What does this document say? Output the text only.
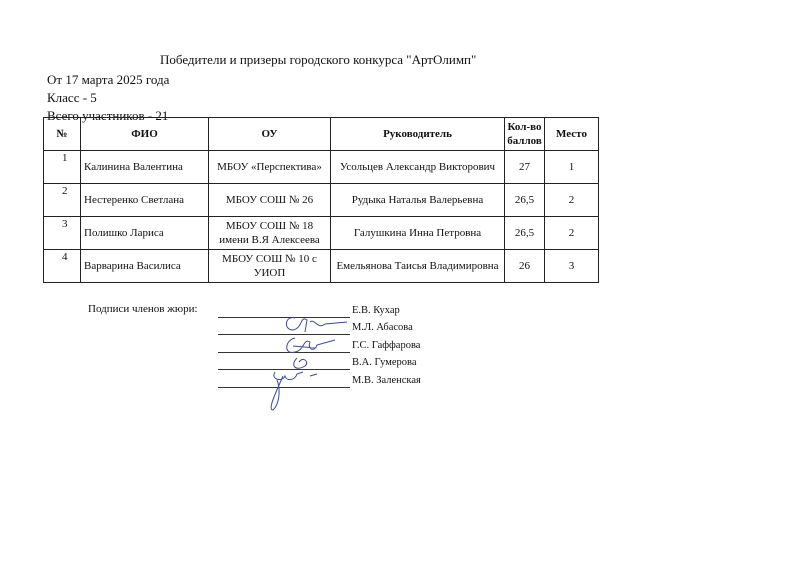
Победители и призеры городского конкурса "АртОлимп"
От 17 марта 2025 года
Класс - 5
Всего участников - 21
№	ФИО	ОУ	Руководитель	Кол-во баллов	Место
1	Калинина Валентина	МБОУ «Перспектива»	Усольцев Александр Викторович	27	1
2	Нестеренко Светлана	МБОУ СОШ № 26	Рудыка Наталья Валерьевна	26,5	2
3	Полишко Лариса	МБОУ СОШ № 18 имени В.Я Алексеева	Галушкина Инна Петровна	26,5	2
4	Варварина Василиса	МБОУ СОШ № 10 с УИОП	Емельянова Таисья Владимировна	26	3
Подписи членов жюри:	Е.В. Кухар
М.Л. Абасова
Г.С. Гаффарова
В.А. Гумерова
М.В. Заленская
